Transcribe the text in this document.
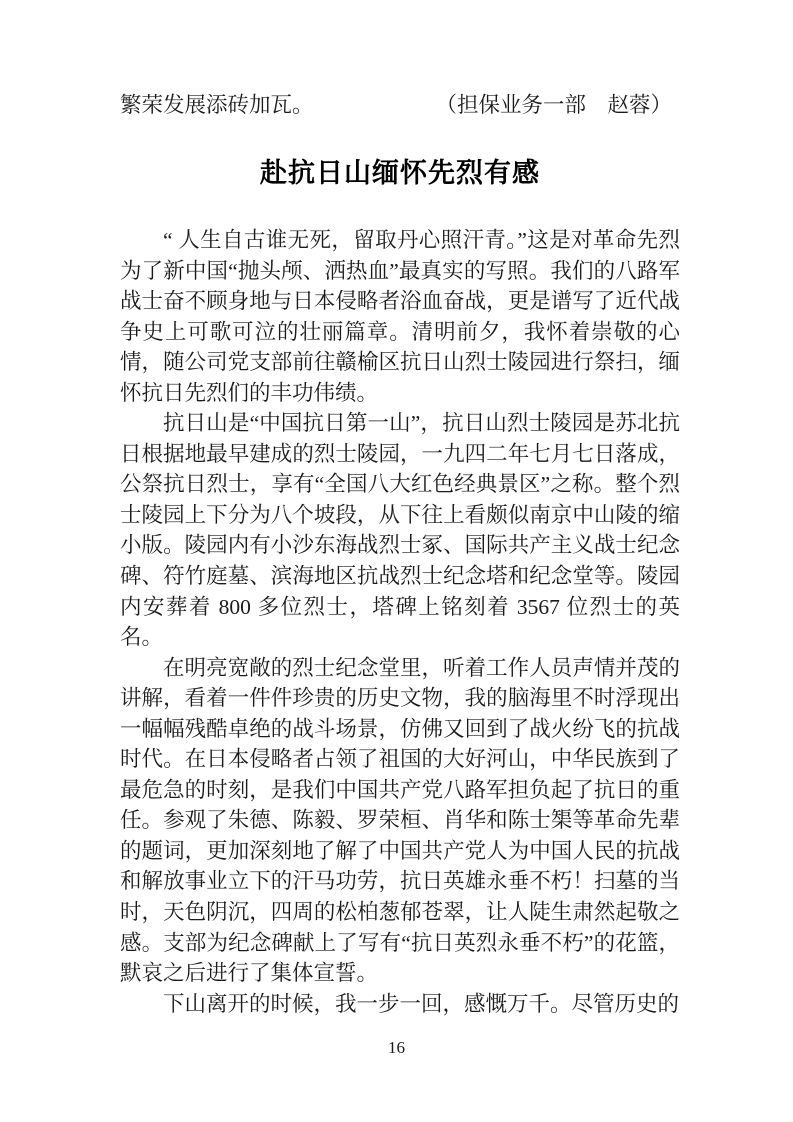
繁荣发展添砖加瓦。	（担保业务一部　赵蓉）
赴抗日山缅怀先烈有感

“ 人生自古谁无死，留取丹心照汗青。”这是对革命先烈为了新中国“抛头颅、洒热血”最真实的写照。我们的八路军战士奋不顾身地与日本侵略者浴血奋战，更是谱写了近代战争史上可歌可泣的壮丽篇章。清明前夕，我怀着崇敬的心情，随公司党支部前往赣榆区抗日山烈士陵园进行祭扫，缅怀抗日先烈们的丰功伟绩。

抗日山是“中国抗日第一山”，抗日山烈士陵园是苏北抗日根据地最早建成的烈士陵园，一九四二年七月七日落成，公祭抗日烈士，享有“全国八大红色经典景区”之称。整个烈士陵园上下分为八个坡段，从下往上看颇似南京中山陵的缩小版。陵园内有小沙东海战烈士冢、国际共产主义战士纪念碑、符竹庭墓、滨海地区抗战烈士纪念塔和纪念堂等。陵园内安葬着 800 多位烈士，塔碑上铭刻着 3567 位烈士的英名。

在明亮宽敞的烈士纪念堂里，听着工作人员声情并茂的讲解，看着一件件珍贵的历史文物，我的脑海里不时浮现出一幅幅残酷卓绝的战斗场景，仿佛又回到了战火纷飞的抗战时代。在日本侵略者占领了祖国的大好河山，中华民族到了最危急的时刻，是我们中国共产党八路军担负起了抗日的重任。参观了朱德、陈毅、罗荣桓、肖华和陈士榘等革命先辈的题词，更加深刻地了解了中国共产党人为中国人民的抗战和解放事业立下的汗马功劳，抗日英雄永垂不朽！扫墓的当时，天色阴沉，四周的松柏葱郁苍翠，让人陡生肃然起敬之感。支部为纪念碑献上了写有“抗日英烈永垂不朽”的花篮，默哀之后进行了集体宣誓。

下山离开的时候，我一步一回，感慨万千。尽管历史的

16
